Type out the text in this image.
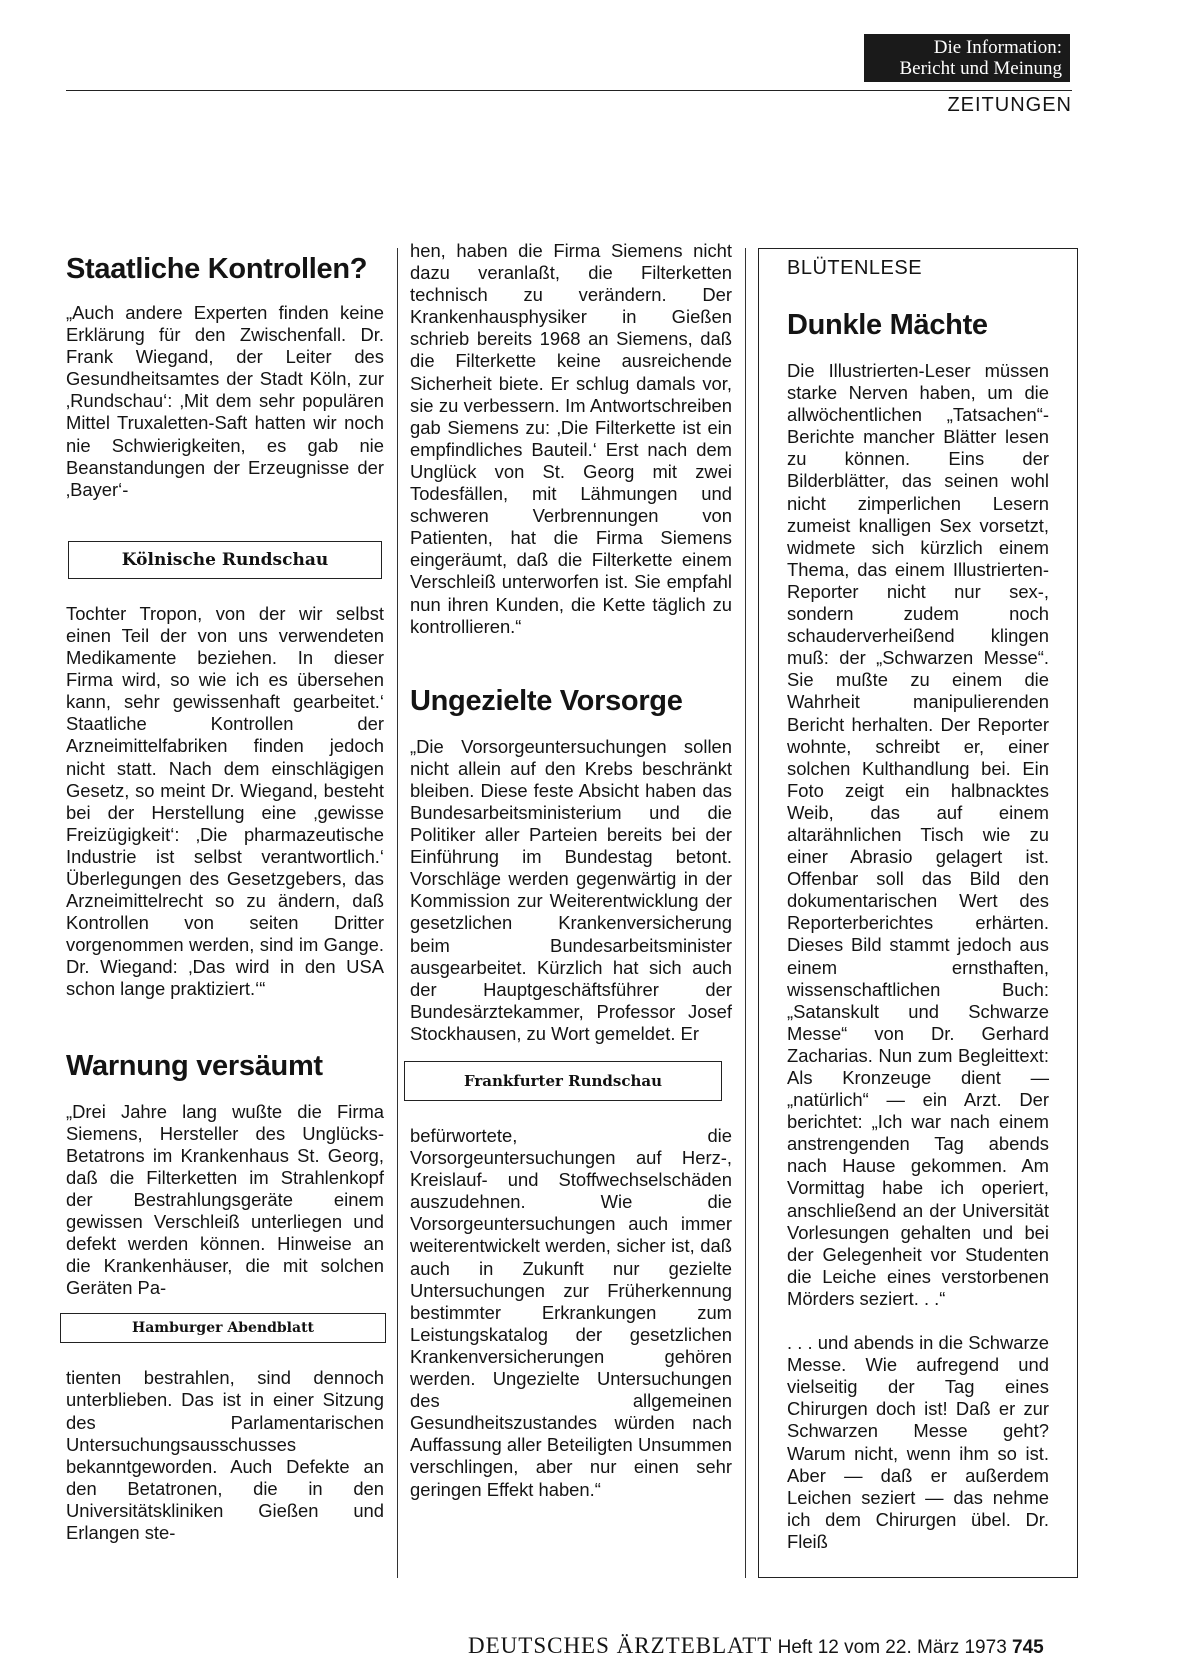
Die Information:
Bericht und Meinung
ZEITUNGEN
Staatliche Kontrollen?

„Auch andere Experten finden keine Erklärung für den Zwischenfall. Dr. Frank Wiegand, der Leiter des Gesundheitsamtes der Stadt Köln, zur ‚Rundschau‘: ‚Mit dem sehr populären Mittel Truxaletten-Saft hatten wir noch nie Schwierigkeiten, es gab nie Beanstandungen der Erzeugnisse der ‚Bayer‘-

Kölnische Rundschau

Tochter Tropon, von der wir selbst einen Teil der von uns verwendeten Medikamente beziehen. In dieser Firma wird, so wie ich es übersehen kann, sehr gewissenhaft gearbeitet.‘ Staatliche Kontrollen der Arzneimittelfabriken finden jedoch nicht statt. Nach dem einschlägigen Gesetz, so meint Dr. Wiegand, besteht bei der Herstellung eine ‚gewisse Freizügigkeit‘: ‚Die pharmazeutische Industrie ist selbst verantwortlich.‘ Überlegungen des Gesetzgebers, das Arzneimittelrecht so zu ändern, daß Kontrollen von seiten Dritter vorgenommen werden, sind im Gange. Dr. Wiegand: ‚Das wird in den USA schon lange praktiziert.‘“

Warnung versäumt

„Drei Jahre lang wußte die Firma Siemens, Hersteller des Unglücks-Betatrons im Krankenhaus St. Georg, daß die Filterketten im Strahlenkopf der Bestrahlungsgeräte einem gewissen Verschleiß unterliegen und defekt werden können. Hinweise an die Krankenhäuser, die mit solchen Geräten Pa-

Hamburger Abendblatt

tienten bestrahlen, sind dennoch unterblieben. Das ist in einer Sitzung des Parlamentarischen Untersuchungsausschusses bekanntgeworden. Auch Defekte an den Betatronen, die in den Universitätskliniken Gießen und Erlangen ste-

hen, haben die Firma Siemens nicht dazu veranlaßt, die Filterketten technisch zu verändern. Der Krankenhausphysiker in Gießen schrieb bereits 1968 an Siemens, daß die Filterkette keine ausreichende Sicherheit biete. Er schlug damals vor, sie zu verbessern. Im Antwortschreiben gab Siemens zu: ‚Die Filterkette ist ein empfindliches Bauteil.‘ Erst nach dem Unglück von St. Georg mit zwei Todesfällen, mit Lähmungen und schweren Verbrennungen von Patienten, hat die Firma Siemens eingeräumt, daß die Filterkette einem Verschleiß unterworfen ist. Sie empfahl nun ihren Kunden, die Kette täglich zu kontrollieren.“

Ungezielte Vorsorge

„Die Vorsorgeuntersuchungen sollen nicht allein auf den Krebs beschränkt bleiben. Diese feste Absicht haben das Bundesarbeitsministerium und die Politiker aller Parteien bereits bei der Einführung im Bundestag betont. Vorschläge werden gegenwärtig in der Kommission zur Weiterentwicklung der gesetzlichen Krankenversicherung beim Bundesarbeitsminister ausgearbeitet. Kürzlich hat sich auch der Hauptgeschäftsführer der Bundesärztekammer, Professor Josef Stockhausen, zu Wort gemeldet. Er

Frankfurter Rundschau

befürwortete, die Vorsorgeuntersuchungen auf Herz-, Kreislauf- und Stoffwechselschäden auszudehnen. Wie die Vorsorgeuntersuchungen auch immer weiterentwickelt werden, sicher ist, daß auch in Zukunft nur gezielte Untersuchungen zur Früherkennung bestimmter Erkrankungen zum Leistungskatalog der gesetzlichen Krankenversicherungen gehören werden. Ungezielte Untersuchungen des allgemeinen Gesundheitszustandes würden nach Auffassung aller Beteiligten Unsummen verschlingen, aber nur einen sehr geringen Effekt haben.“

BLÜTENLESE
Dunkle Mächte

Die Illustrierten-Leser müssen starke Nerven haben, um die allwöchentlichen „Tatsachen“-Berichte mancher Blätter lesen zu können. Eins der Bilderblätter, das seinen wohl nicht zimperlichen Lesern zumeist knalligen Sex vorsetzt, widmete sich kürzlich einem Thema, das einem Illustrierten-Reporter nicht nur sex-, sondern zudem noch schauderverheißend klingen muß: der „Schwarzen Messe“. Sie mußte zu einem die Wahrheit manipulierenden Bericht herhalten. Der Reporter wohnte, schreibt er, einer solchen Kulthandlung bei. Ein Foto zeigt ein halbnacktes Weib, das auf einem altarähnlichen Tisch wie zu einer Abrasio gelagert ist. Offenbar soll das Bild den dokumentarischen Wert des Reporterberichtes erhärten. Dieses Bild stammt jedoch aus einem ernsthaften, wissenschaftlichen Buch: „Satanskult und Schwarze Messe“ von Dr. Gerhard Zacharias. Nun zum Begleittext: Als Kronzeuge dient — „natürlich“ — ein Arzt. Der berichtet: „Ich war nach einem anstrengenden Tag abends nach Hause gekommen. Am Vormittag habe ich operiert, anschließend an der Universität Vorlesungen gehalten und bei der Gelegenheit vor Studenten die Leiche eines verstorbenen Mörders seziert. . .“

. . . und abends in die Schwarze Messe. Wie aufregend und vielseitig der Tag eines Chirurgen doch ist! Daß er zur Schwarzen Messe geht? Warum nicht, wenn ihm so ist. Aber — daß er außerdem Leichen seziert — das nehme ich dem Chirurgen übel. Dr. Fleiß

DEUTSCHES ÄRZTEBLATT Heft 12 vom 22. März 1973 745
